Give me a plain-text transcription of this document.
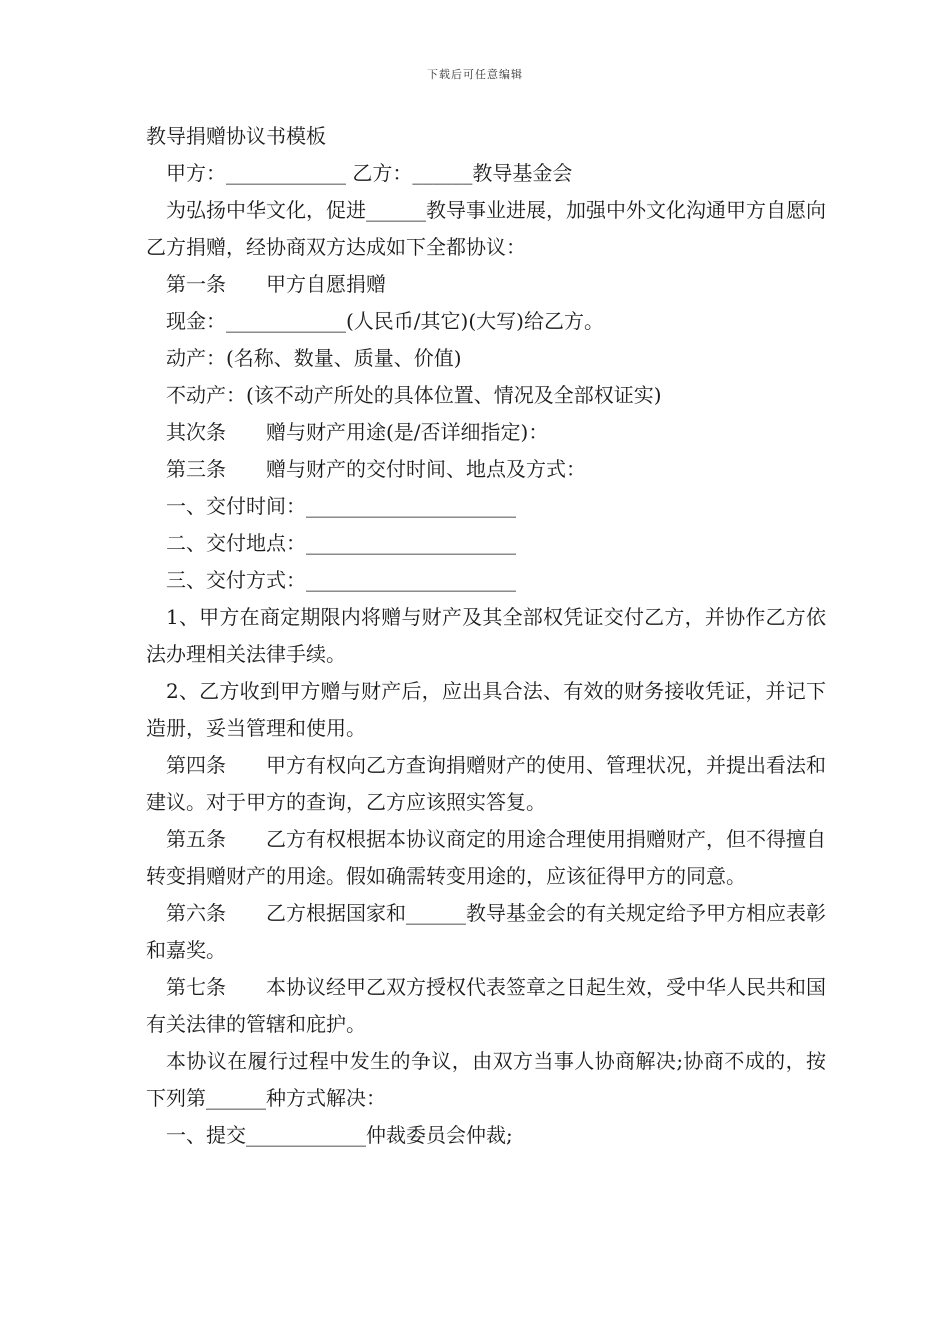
下载后可任意编辑
教导捐赠协议书模板

甲方：____________ 乙方：______教导基金会

为弘扬中华文化，促进______教导事业进展，加强中外文化沟通甲方自愿向乙方捐赠，经协商双方达成如下全都协议：

第一条　　甲方自愿捐赠

现金：____________(人民币/其它)(大写)给乙方。

动产：(名称、数量、质量、价值)

不动产：(该不动产所处的具体位置、情况及全部权证实)

其次条　　赠与财产用途(是/否详细指定)：

第三条　　赠与财产的交付时间、地点及方式：

一、交付时间：_____________________

二、交付地点：_____________________

三、交付方式：_____________________

1、甲方在商定期限内将赠与财产及其全部权凭证交付乙方，并协作乙方依法办理相关法律手续。

2、乙方收到甲方赠与财产后，应出具合法、有效的财务接收凭证，并记下造册，妥当管理和使用。

第四条　　甲方有权向乙方查询捐赠财产的使用、管理状况，并提出看法和建议。对于甲方的查询，乙方应该照实答复。

第五条　　乙方有权根据本协议商定的用途合理使用捐赠财产，但不得擅自转变捐赠财产的用途。假如确需转变用途的，应该征得甲方的同意。

第六条　　乙方根据国家和______教导基金会的有关规定给予甲方相应表彰和嘉奖。

第七条　　本协议经甲乙双方授权代表签章之日起生效，受中华人民共和国有关法律的管辖和庇护。

本协议在履行过程中发生的争议，由双方当事人协商解决;协商不成的，按下列第______种方式解决：

一、提交____________仲裁委员会仲裁;
